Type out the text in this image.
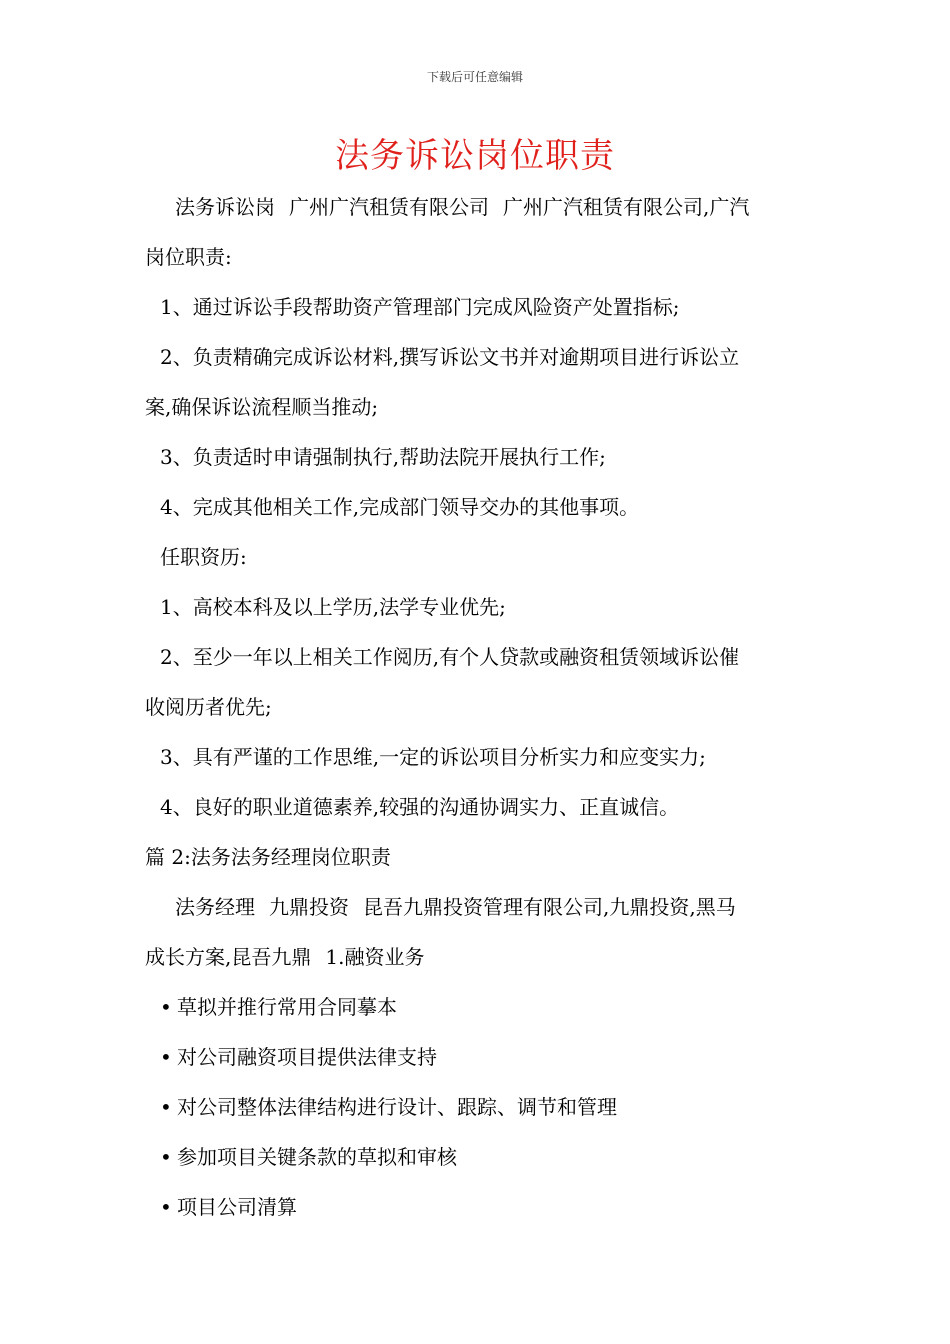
下载后可任意编辑
法务诉讼岗位职责

法务诉讼岗 广州广汽租赁有限公司 广州广汽租赁有限公司,广汽

岗位职责:

1、通过诉讼手段帮助资产管理部门完成风险资产处置指标;

2、负责精确完成诉讼材料,撰写诉讼文书并对逾期项目进行诉讼立

案,确保诉讼流程顺当推动;

3、负责适时申请强制执行,帮助法院开展执行工作;

4、完成其他相关工作,完成部门领导交办的其他事项。

任职资历:

1、高校本科及以上学历,法学专业优先;

2、至少一年以上相关工作阅历,有个人贷款或融资租赁领域诉讼催

收阅历者优先;

3、具有严谨的工作思维,一定的诉讼项目分析实力和应变实力;

4、良好的职业道德素养,较强的沟通协调实力、正直诚信。

篇 2:法务法务经理岗位职责

法务经理 九鼎投资 昆吾九鼎投资管理有限公司,九鼎投资,黑马

成长方案,昆吾九鼎 1.融资业务

• 草拟并推行常用合同摹本

• 对公司融资项目提供法律支持

• 对公司整体法律结构进行设计、跟踪、调节和管理

• 参加项目关键条款的草拟和审核

• 项目公司清算
